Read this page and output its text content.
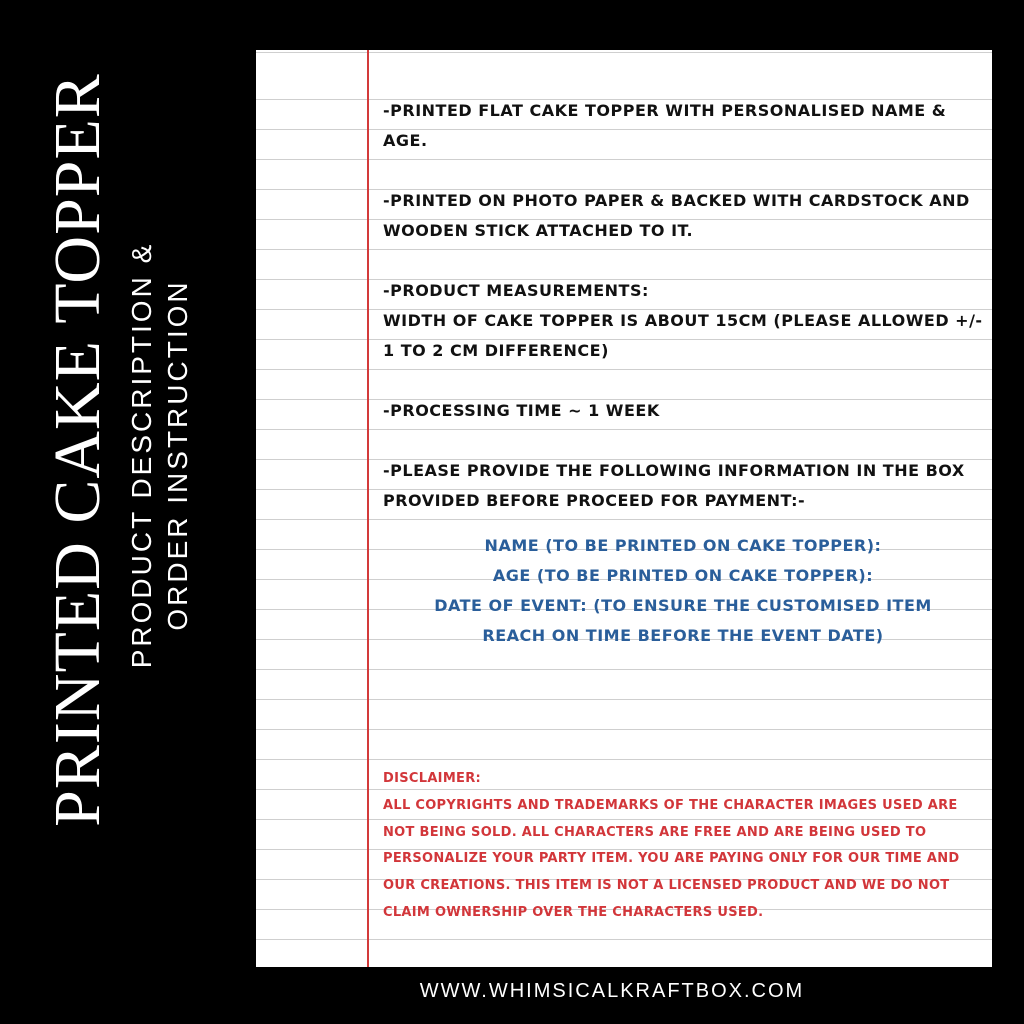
PRINTED CAKE TOPPER PRODUCT DESCRIPTION & ORDER INSTRUCTION
-PRINTED FLAT CAKE TOPPER WITH PERSONALISED NAME & AGE.
-PRINTED ON PHOTO PAPER & BACKED WITH CARDSTOCK AND WOODEN STICK ATTACHED TO IT.
-PRODUCT MEASUREMENTS:
WIDTH OF CAKE TOPPER IS ABOUT 15CM (PLEASE ALLOWED +/- 1 TO 2 CM DIFFERENCE)
-PROCESSING TIME ~ 1 WEEK
-PLEASE PROVIDE THE FOLLOWING INFORMATION IN THE BOX PROVIDED BEFORE PROCEED FOR PAYMENT:-
NAME (TO BE PRINTED ON CAKE TOPPER):
AGE (TO BE PRINTED ON CAKE TOPPER):
DATE OF EVENT: (TO ENSURE THE CUSTOMISED ITEM
REACH ON TIME BEFORE THE EVENT DATE)
DISCLAIMER:
ALL COPYRIGHTS AND TRADEMARKS OF THE CHARACTER IMAGES USED ARE NOT BEING SOLD. ALL CHARACTERS ARE FREE AND ARE BEING USED TO PERSONALIZE YOUR PARTY ITEM. YOU ARE PAYING ONLY FOR OUR TIME AND OUR CREATIONS. THIS ITEM IS NOT A LICENSED PRODUCT AND WE DO NOT CLAIM OWNERSHIP OVER THE CHARACTERS USED.
WWW.WHIMSICALKRAFTBOX.COM
